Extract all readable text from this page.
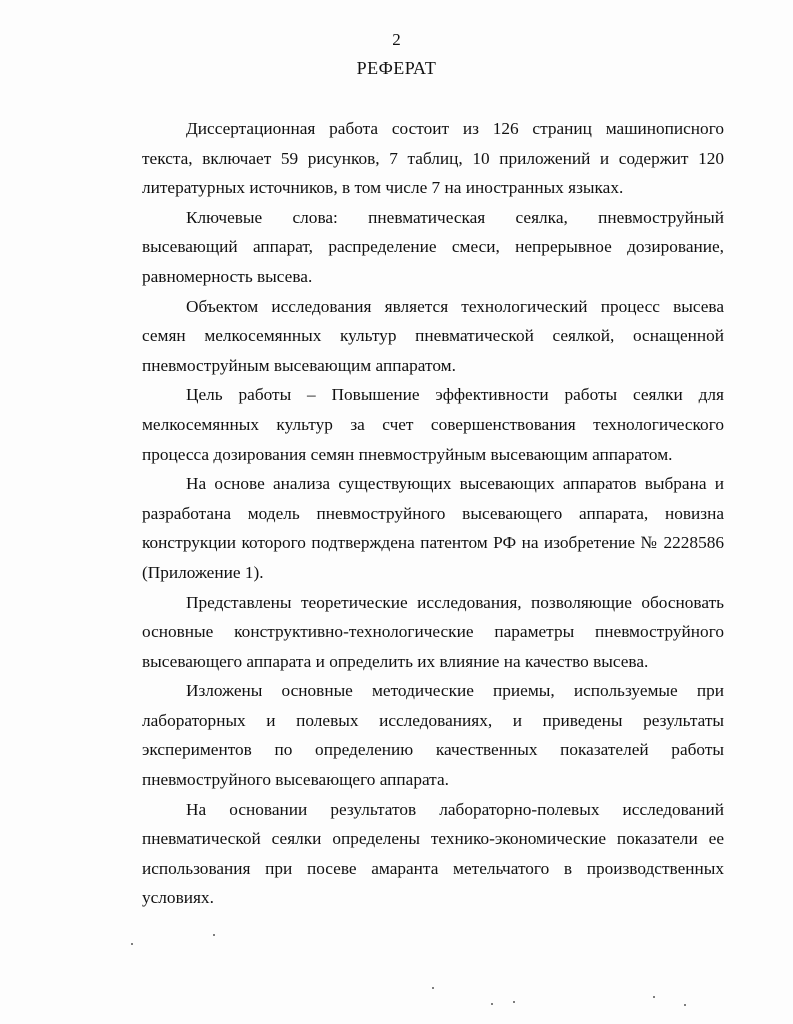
2
РЕФЕРАТ
Диссертационная работа состоит из 126 страниц машинописного
текста, включает 59 рисунков, 7 таблиц, 10 приложений и содержит 120
литературных источников, в том числе 7 на иностранных языках.
Ключевые слова: пневматическая сеялка, пневмоструйный
высевающий аппарат, распределение смеси, непрерывное дозирование,
равномерность высева.
Объектом исследования является технологический процесс высева
семян мелкосемянных культур пневматической сеялкой, оснащенной
пневмоструйным высевающим аппаратом.
Цель работы – Повышение эффективности работы сеялки для
мелкосемянных культур за счет совершенствования технологического
процесса дозирования семян пневмоструйным высевающим аппаратом.
На основе анализа существующих высевающих аппаратов выбрана и
разработана модель пневмоструйного высевающего аппарата, новизна
конструкции которого подтверждена патентом РФ на изобретение № 2228586
(Приложение 1).
Представлены теоретические исследования, позволяющие обосновать
основные конструктивно-технологические параметры пневмоструйного
высевающего аппарата и определить их влияние на качество высева.
Изложены основные методические приемы, используемые при
лабораторных и полевых исследованиях, и приведены результаты
экспериментов по определению качественных показателей работы
пневмоструйного высевающего аппарата.
На основании результатов лабораторно-полевых исследований
пневматической сеялки определены технико-экономические показатели ее
использования при посеве амаранта метельчатого в производственных
условиях.
